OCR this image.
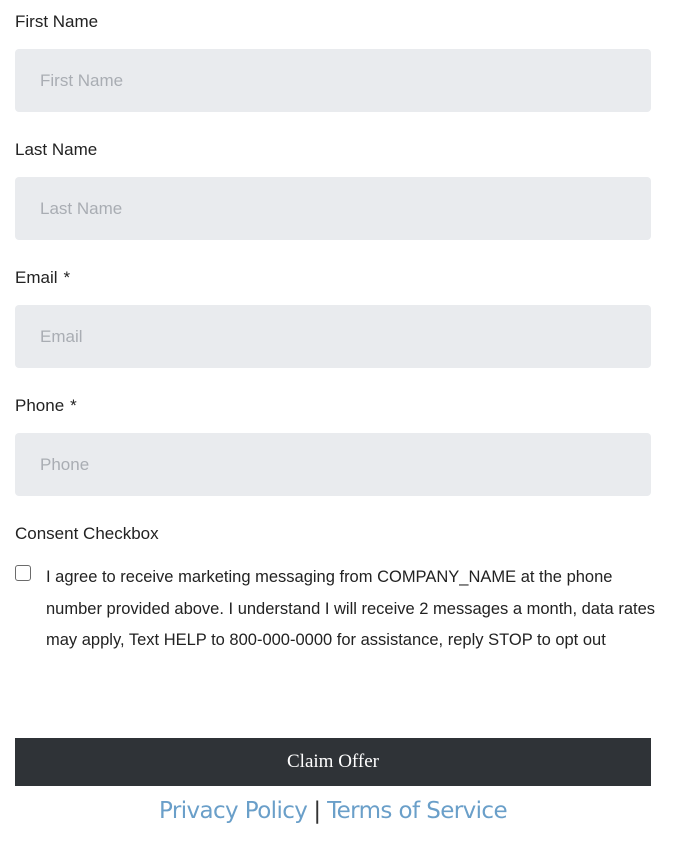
First Name
First Name
Last Name
Last Name
Email *
Email
Phone *
Phone
Consent Checkbox
I agree to receive marketing messaging from COMPANY_NAME at the phone number provided above. I understand I will receive 2 messages a month, data rates may apply, Text HELP to 800-000-0000 for assistance, reply STOP to opt out
Claim Offer
Privacy Policy | Terms of Service
